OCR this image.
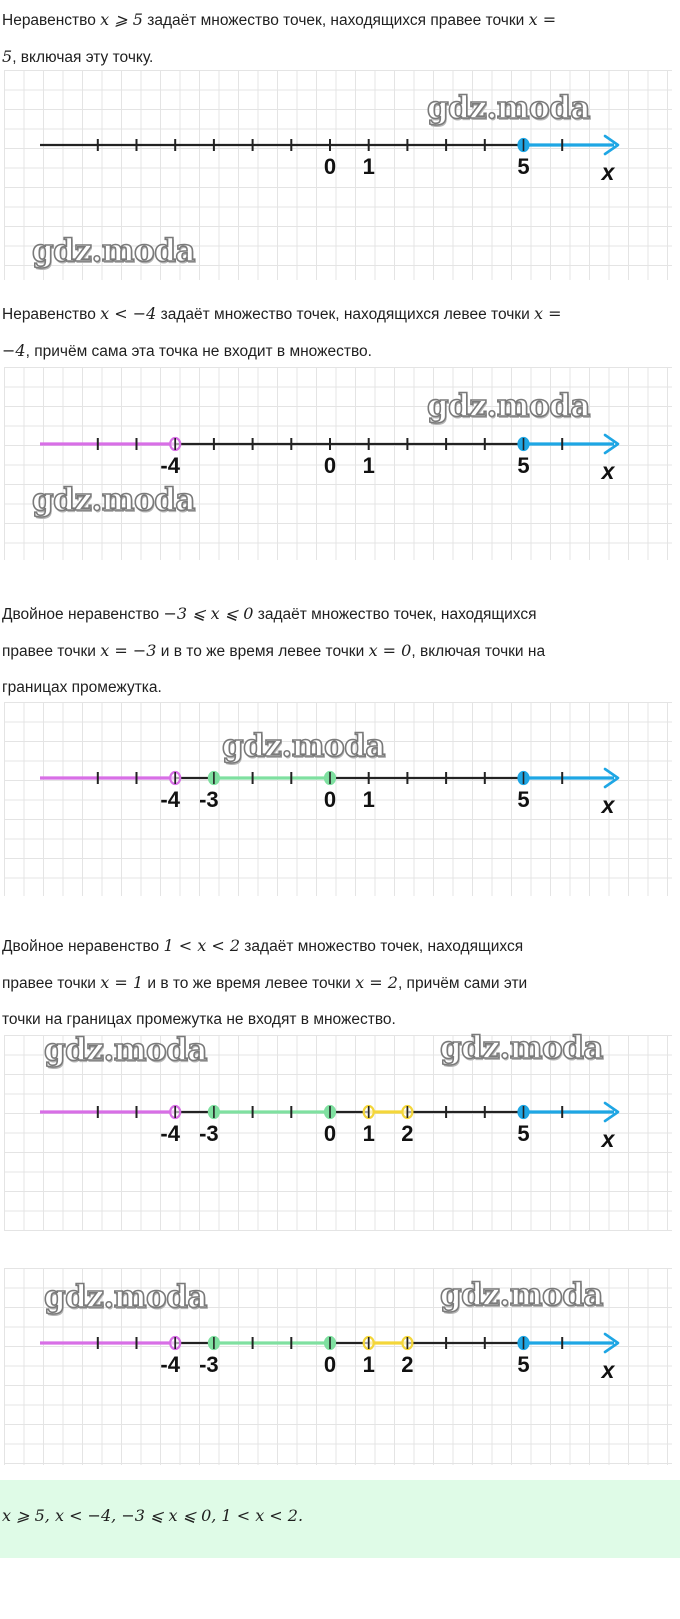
Неравенство x ⩾ 5 задаёт множество точек, находящихся правее точки x =
5, включая эту точку.
0 1	5	x
gdz.moda
gdz.moda
Неравенство x < −4 задаёт множество точек, находящихся левее точки x =
−4, причём сама эта точка не входит в множество.
-4	0 1	5	x
gdz.moda
gdz.moda
Двойное неравенство −3 ⩽ x ⩽ 0 задаёт множество точек, находящихся
правее точки x = −3 и в то же время левее точки x = 0, включая точки на
границах промежутка.
-4 -3	0 1	5	x
gdz.moda
Двойное неравенство 1 < x < 2 задаёт множество точек, находящихся
правее точки x = 1 и в то же время левее точки x = 2, причём сами эти
точки на границах промежутка не входят в множество.
-4 -3	0 1 2	5	x
gdz.moda	gdz.moda
-4 -3	0 1 2	5	x
gdz.moda	gdz.moda
x ⩾ 5, x < −4, −3 ⩽ x ⩽ 0, 1 < x < 2.
